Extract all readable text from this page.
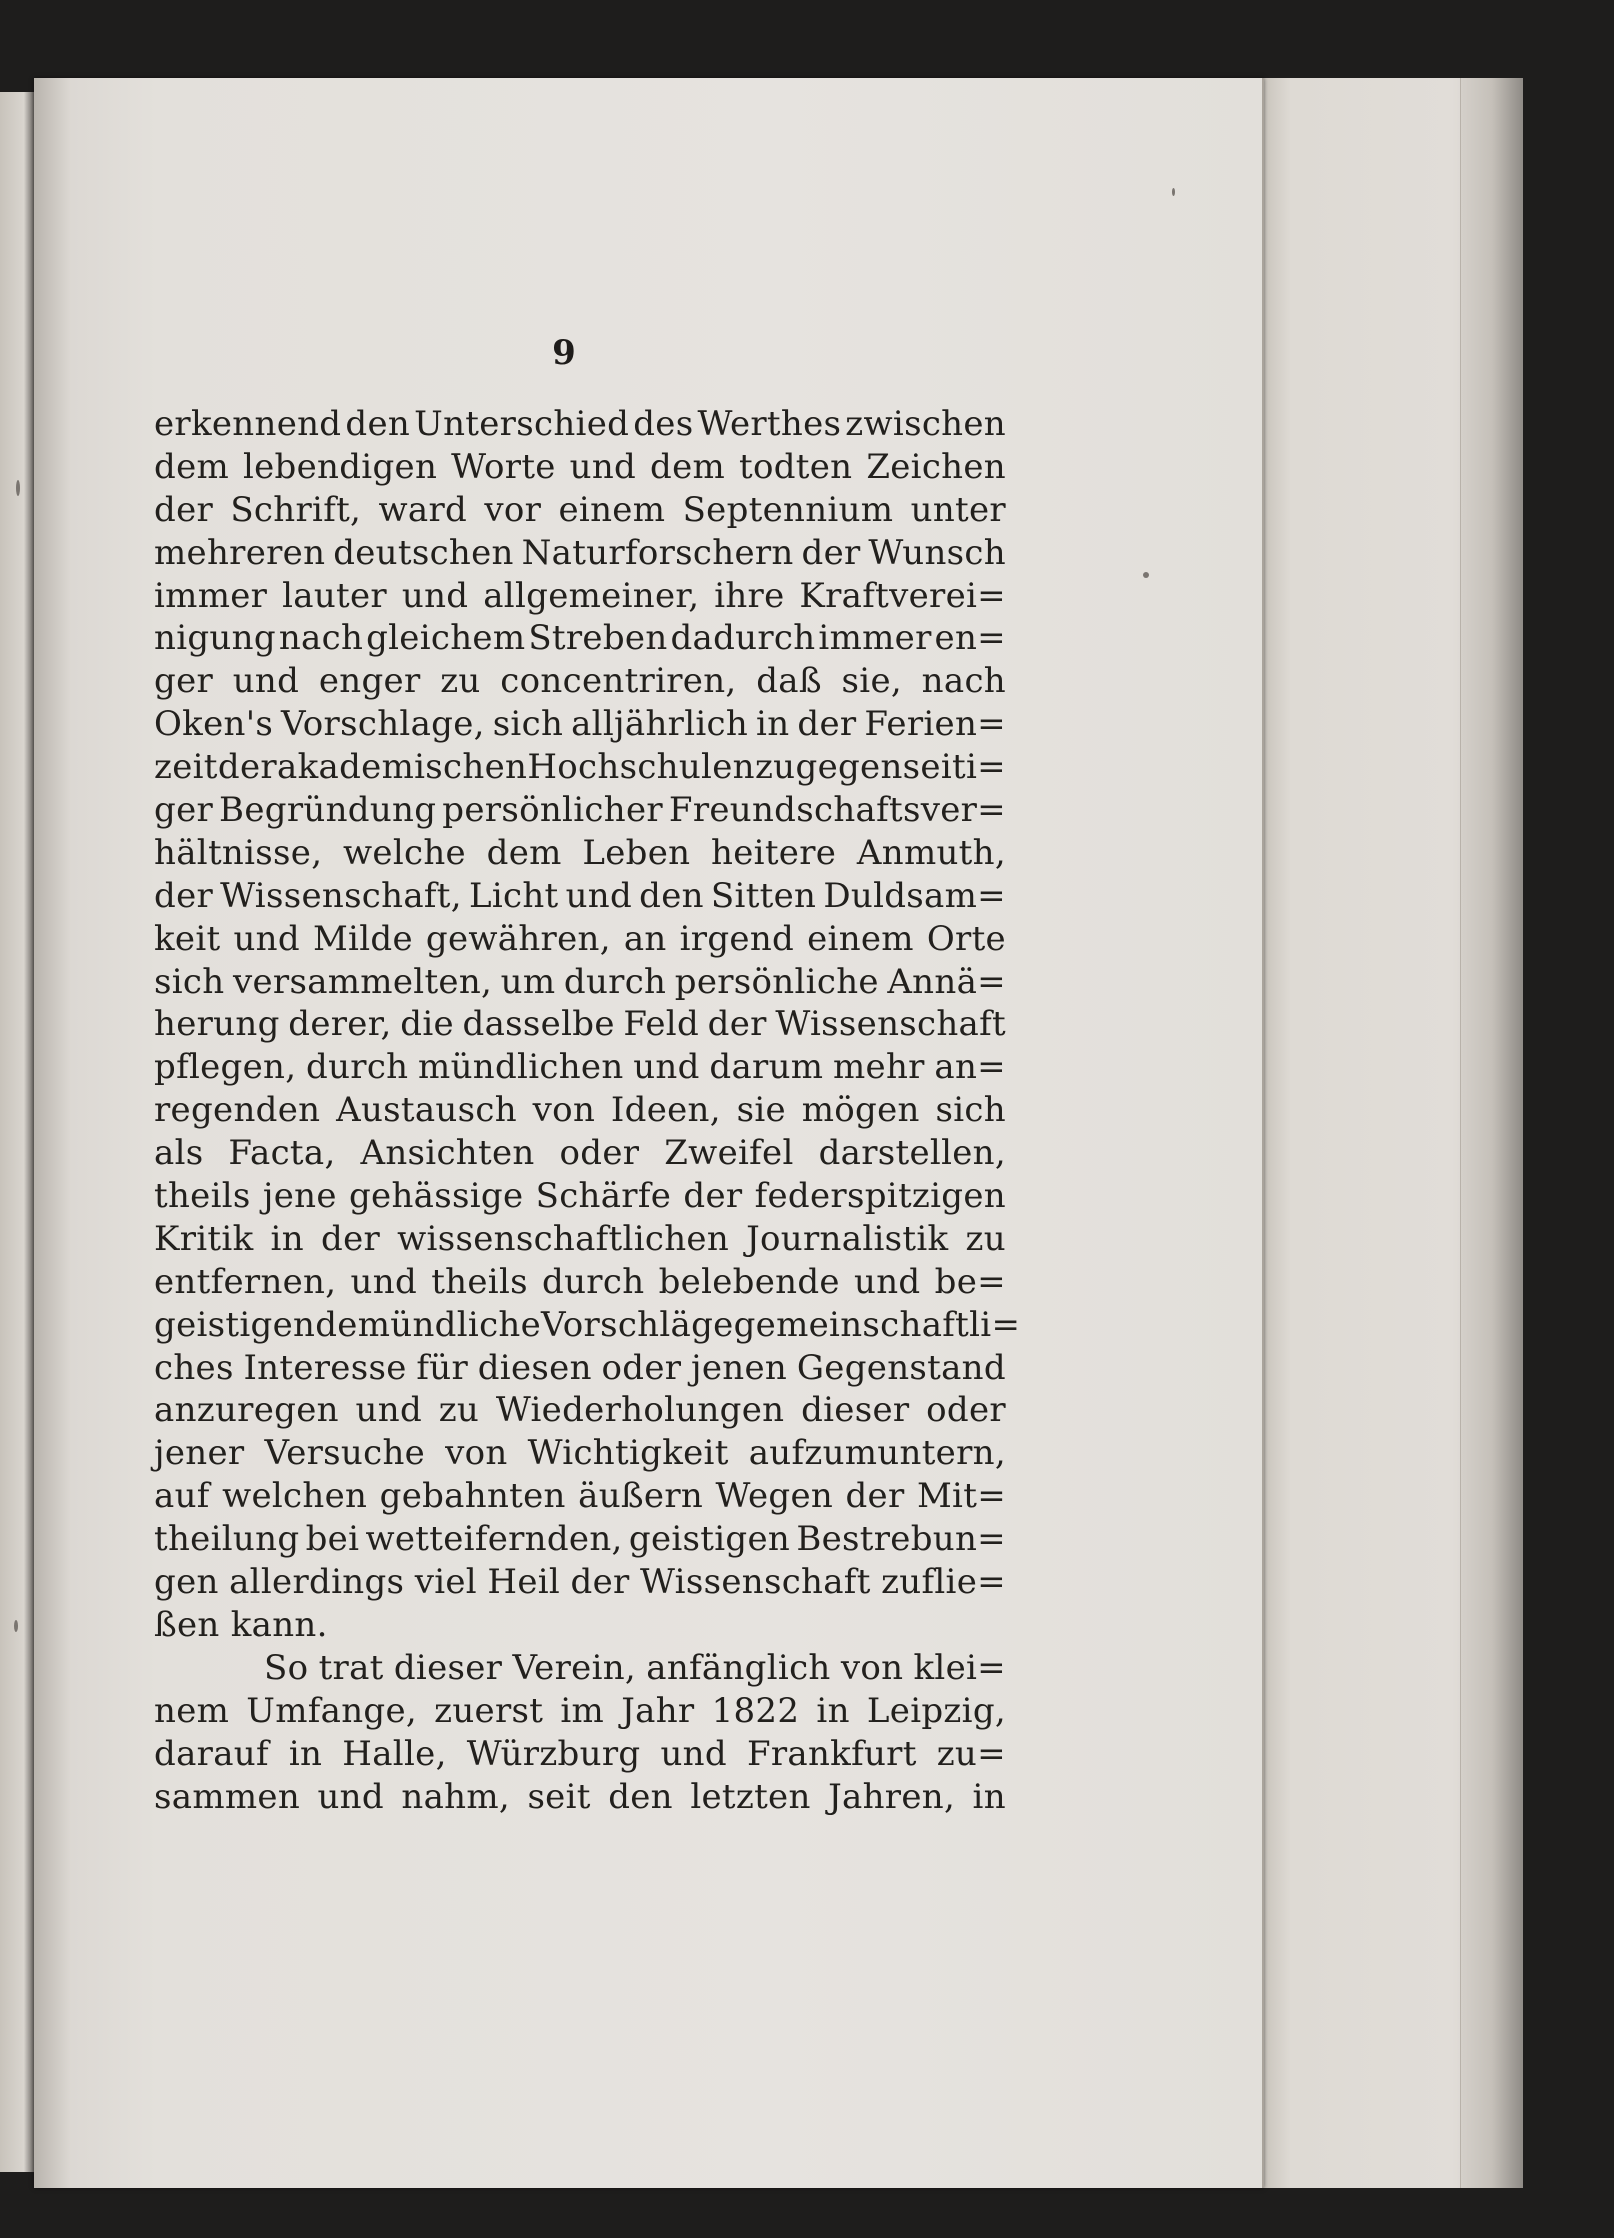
9
erkennend den Unterschied des Werthes zwischen
dem lebendigen Worte und dem todten Zeichen
der Schrift, ward vor einem Septennium unter
mehreren deutschen Naturforschern der Wunsch
immer lauter und allgemeiner, ihre Kraftverei=
nigung nach gleichem Streben dadurch immer en=
ger und enger zu concentriren, daß sie, nach
Oken's Vorschlage, sich alljährlich in der Ferien=
zeit der akademischen Hochschulen zu gegenseiti=
ger Begründung persönlicher Freundschaftsver=
hältnisse, welche dem Leben heitere Anmuth,
der Wissenschaft, Licht und den Sitten Duldsam=
keit und Milde gewähren, an irgend einem Orte
sich versammelten, um durch persönliche Annä=
herung derer, die dasselbe Feld der Wissenschaft
pflegen, durch mündlichen und darum mehr an=
regenden Austausch von Ideen, sie mögen sich
als Facta, Ansichten oder Zweifel darstellen,
theils jene gehässige Schärfe der federspitzigen
Kritik in der wissenschaftlichen Journalistik zu
entfernen, und theils durch belebende und be=
geistigende mündliche Vorschläge gemeinschaftli=
ches Interesse für diesen oder jenen Gegenstand
anzuregen und zu Wiederholungen dieser oder
jener Versuche von Wichtigkeit aufzumuntern,
auf welchen gebahnten äußern Wegen der Mit=
theilung bei wetteifernden, geistigen Bestrebun=
gen allerdings viel Heil der Wissenschaft zuflie=
ßen kann.
So trat dieser Verein, anfänglich von klei=
nem Umfange, zuerst im Jahr 1822 in Leipzig,
darauf in Halle, Würzburg und Frankfurt zu=
sammen und nahm, seit den letzten Jahren, in
